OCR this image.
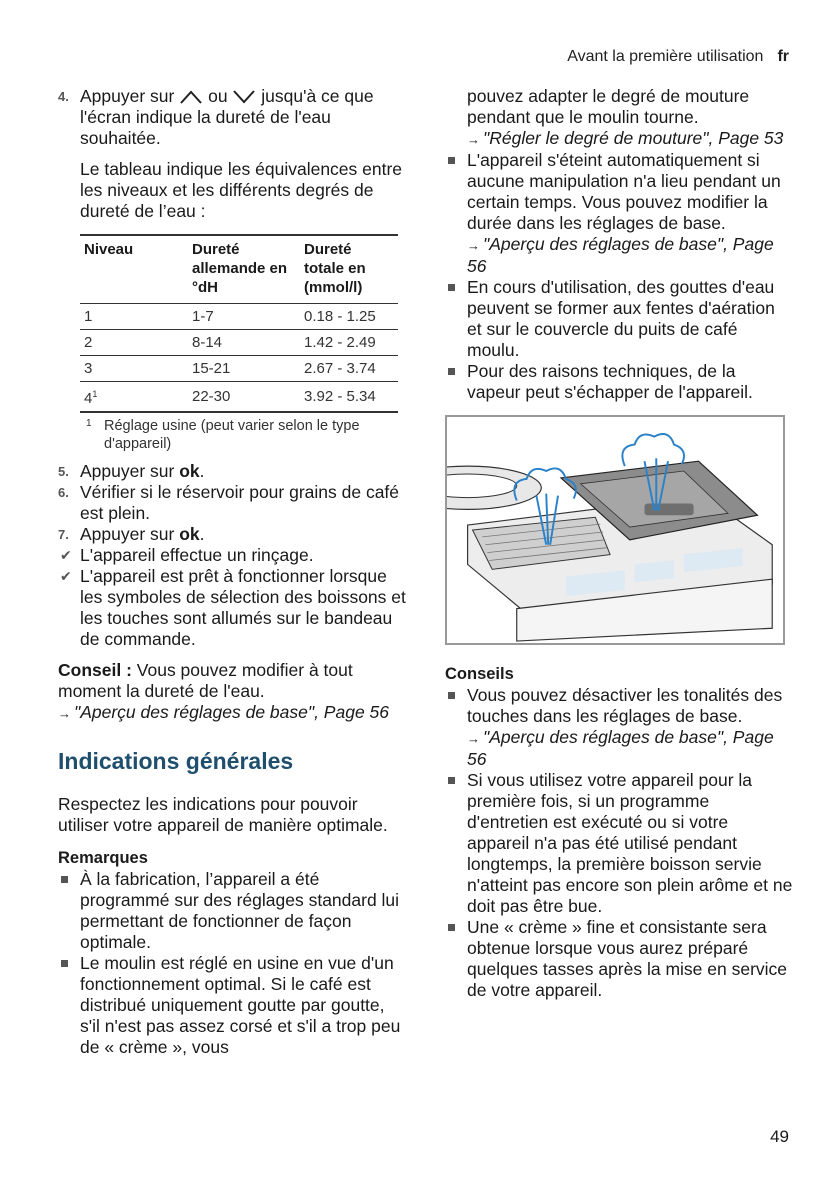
Avant la première utilisation fr
4. Appuyer sur  ou  jusqu'à ce que l'écran indique la dureté de l'eau souhaitée.

Le tableau indique les équivalences entre les niveaux et les différents degrés de dureté de l’eau :

Niveau	Dureté allemande en °dH	Dureté totale en (mmol/l)
1	1-7	0.18 - 1.25
2	8-14	1.42 - 2.49
3	15-21	2.67 - 3.74
$4^1$	22-30	3.92 - 5.34
1 Réglage usine (peut varier selon le type d'appareil)
5. Appuyer sur ok.
6. Vérifier si le réservoir pour grains de café est plein.
7. Appuyer sur ok.
✔ L'appareil effectue un rinçage.
✔ L'appareil est prêt à fonctionner lorsque les symboles de sélection des boissons et les touches sont allumés sur le bandeau de commande.

Conseil : Vous pouvez modifier à tout moment la dureté de l'eau.

→ "Aperçu des réglages de base", Page 56

Indications générales

Respectez les indications pour pouvoir utiliser votre appareil de manière optimale.

Remarques

À la fabrication, l’appareil a été programmé sur des réglages standard lui permettant de fonctionner de façon optimale.
Le moulin est réglé en usine en vue d'un fonctionnement optimal. Si le café est distribué uniquement goutte par goutte, s'il n'est pas assez corsé et s'il a trop peu de « crème », vous

pouvez adapter le degré de mouture pendant que le moulin tourne.

→ "Régler le degré de mouture", Page 53

L'appareil s'éteint automatiquement si aucune manipulation n'a lieu pendant un certain temps. Vous pouvez modifier la durée dans les réglages de base.
→ "Aperçu des réglages de base", Page 56
En cours d'utilisation, des gouttes d'eau peuvent se former aux fentes d'aération et sur le couvercle du puits de café moulu.
Pour des raisons techniques, de la vapeur peut s'échapper de l'appareil.

Conseils

Vous pouvez désactiver les tonalités des touches dans les réglages de base.
→ "Aperçu des réglages de base", Page 56
Si vous utilisez votre appareil pour la première fois, si un programme d'entretien est exécuté ou si votre appareil n'a pas été utilisé pendant longtemps, la première boisson servie n'atteint pas encore son plein arôme et ne doit pas être bue.
Une « crème » fine et consistante sera obtenue lorsque vous aurez préparé quelques tasses après la mise en service de votre appareil.
49
